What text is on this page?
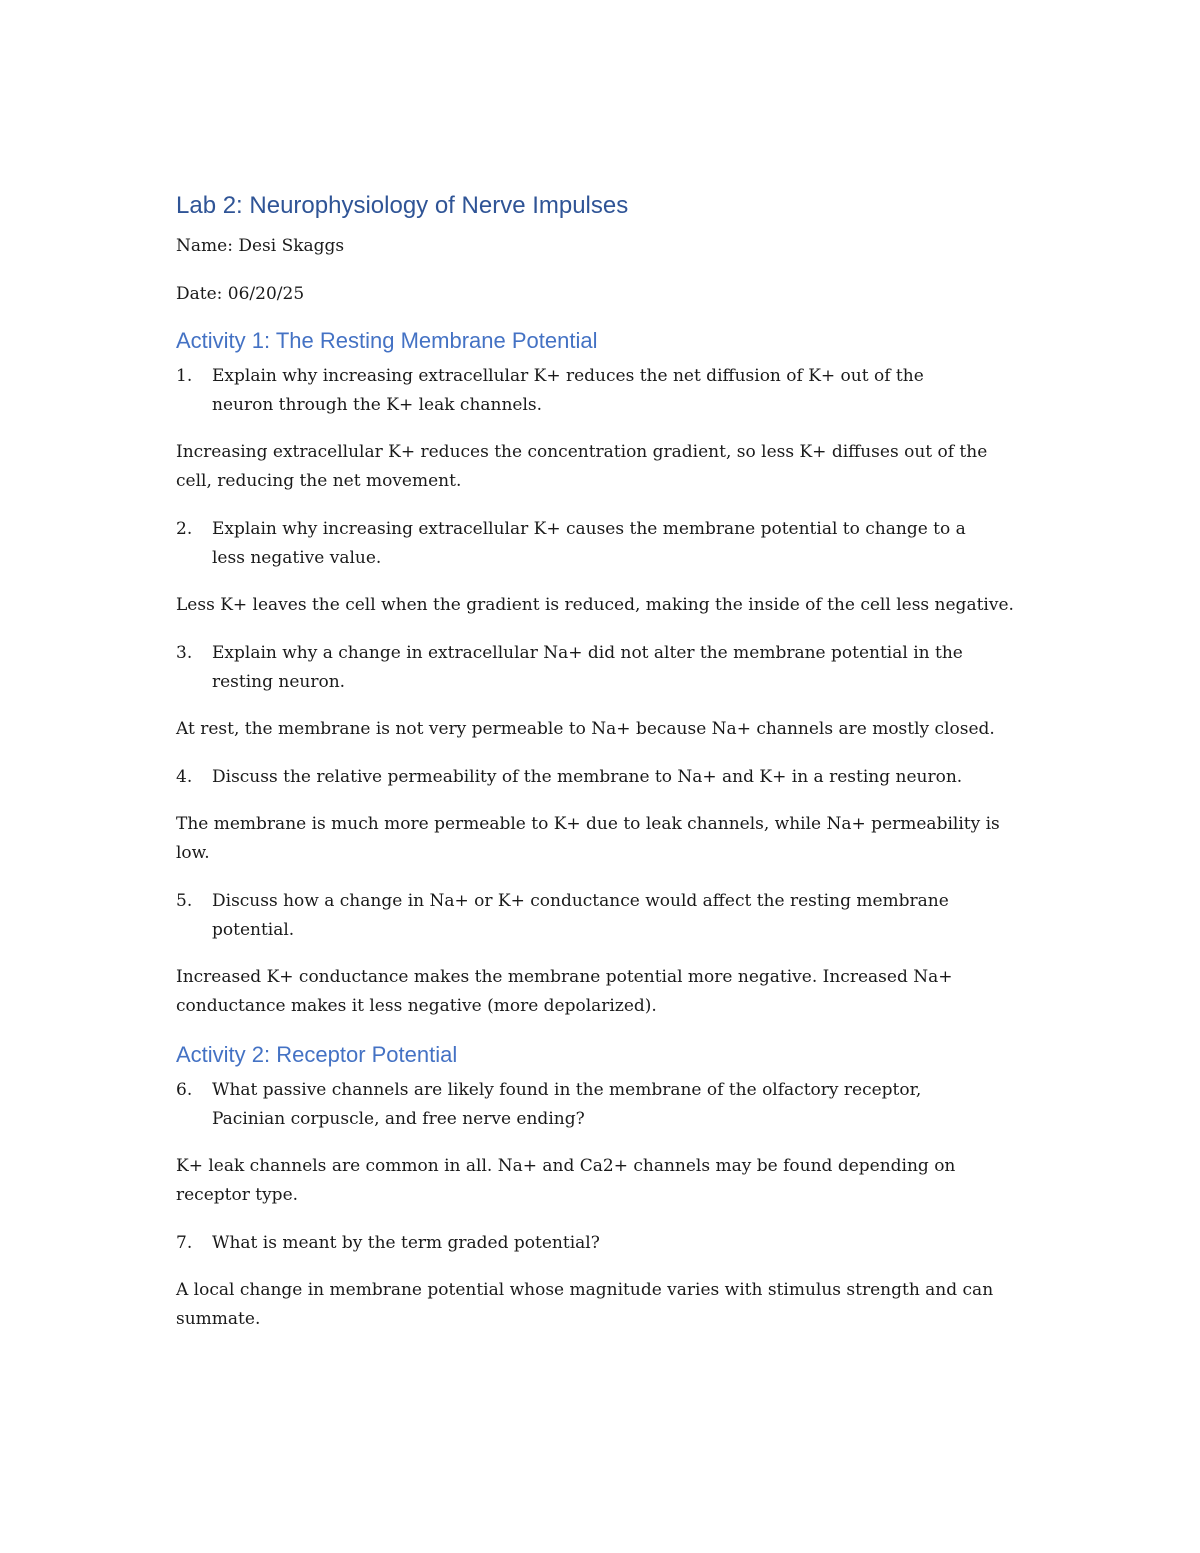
Lab 2: Neurophysiology of Nerve Impulses

Name: Desi Skaggs

Date: 06/20/25

Activity 1: The Resting Membrane Potential
1.	Explain why increasing extracellular K+ reduces the net diffusion of K+ out of the neuron through the K+ leak channels.

Increasing extracellular K+ reduces the concentration gradient, so less K+ diffuses out of the cell, reducing the net movement.

2.	Explain why increasing extracellular K+ causes the membrane potential to change to a less negative value.

Less K+ leaves the cell when the gradient is reduced, making the inside of the cell less negative.

3.	Explain why a change in extracellular Na+ did not alter the membrane potential in the resting neuron.

At rest, the membrane is not very permeable to Na+ because Na+ channels are mostly closed.

4.	Discuss the relative permeability of the membrane to Na+ and K+ in a resting neuron.

The membrane is much more permeable to K+ due to leak channels, while Na+ permeability is low.

5.	Discuss how a change in Na+ or K+ conductance would affect the resting membrane potential.

Increased K+ conductance makes the membrane potential more negative. Increased Na+ conductance makes it less negative (more depolarized).

Activity 2: Receptor Potential
6.	What passive channels are likely found in the membrane of the olfactory receptor, Pacinian corpuscle, and free nerve ending?

K+ leak channels are common in all. Na+ and Ca2+ channels may be found depending on receptor type.

7.	What is meant by the term graded potential?

A local change in membrane potential whose magnitude varies with stimulus strength and can summate.
